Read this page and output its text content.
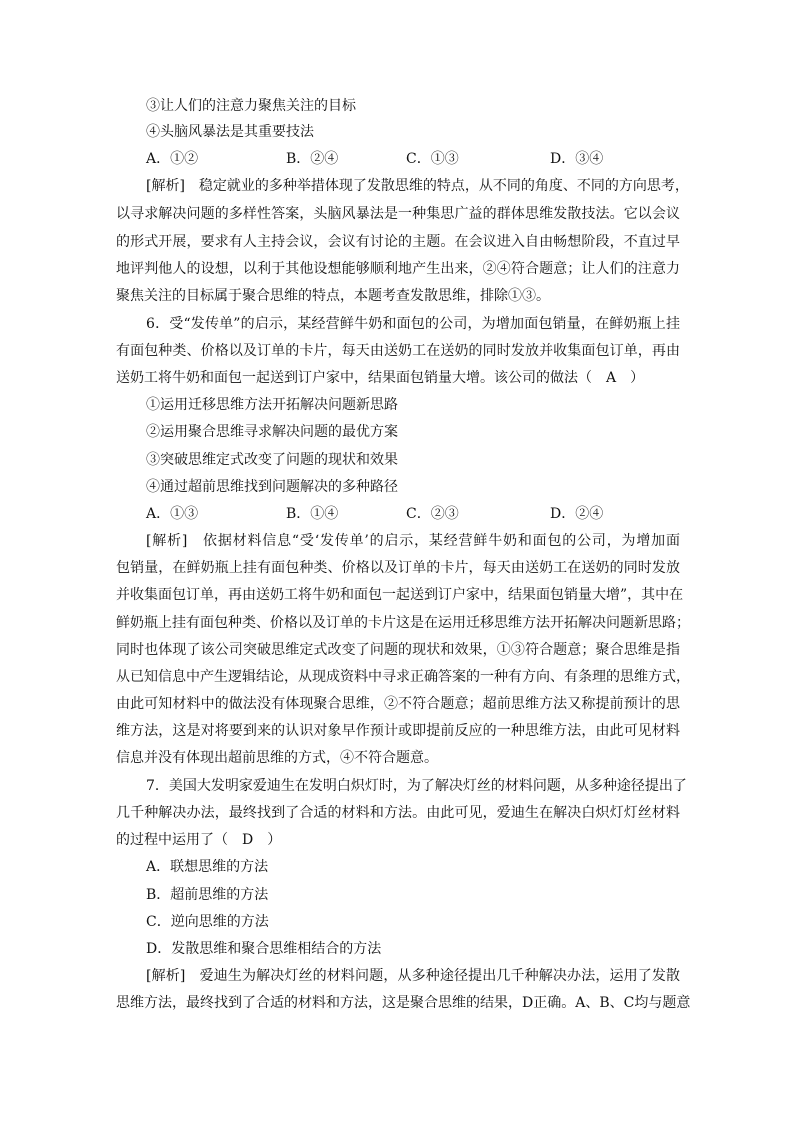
③让人们的注意力聚焦关注的目标
④头脑风暴法是其重要技法
A．①②	B．②④	C．①③	D．③④
[解析]　稳定就业的多种举措体现了发散思维的特点，从不同的角度、不同的方向思考，
以寻求解决问题的多样性答案，头脑风暴法是一种集思广益的群体思维发散技法。它以会议
的形式开展，要求有人主持会议，会议有讨论的主题。在会议进入自由畅想阶段，不直过早
地评判他人的设想，以利于其他设想能够顺利地产生出来，②④符合题意；让人们的注意力
聚焦关注的目标属于聚合思维的特点，本题考查发散思维，排除①③。
6．受“发传单”的启示，某经营鲜牛奶和面包的公司，为增加面包销量，在鲜奶瓶上挂
有面包种类、价格以及订单的卡片，每天由送奶工在送奶的同时发放并收集面包订单，再由
送奶工将牛奶和面包一起送到订户家中，结果面包销量大增。该公司的做法（　A　）
①运用迁移思维方法开拓解决问题新思路
②运用聚合思维寻求解决问题的最优方案
③突破思维定式改变了问题的现状和效果
④通过超前思维找到问题解决的多种路径
A．①③	B．①④	C．②③	D．②④
[解析]　依据材料信息“受‘发传单’的启示，某经营鲜牛奶和面包的公司，为增加面
包销量，在鲜奶瓶上挂有面包种类、价格以及订单的卡片，每天由送奶工在送奶的同时发放
并收集面包订单，再由送奶工将牛奶和面包一起送到订户家中，结果面包销量大增”，其中在
鲜奶瓶上挂有面包种类、价格以及订单的卡片这是在运用迁移思维方法开拓解决问题新思路；
同时也体现了该公司突破思维定式改变了问题的现状和效果，①③符合题意；聚合思维是指
从已知信息中产生逻辑结论，从现成资料中寻求正确答案的一种有方向、有条理的思维方式，
由此可知材料中的做法没有体现聚合思维，②不符合题意；超前思维方法又称提前预计的思
维方法，这是对将要到来的认识对象早作预计或即提前反应的一种思维方法，由此可见材料
信息并没有体现出超前思维的方式，④不符合题意。
7．美国大发明家爱迪生在发明白炽灯时，为了解决灯丝的材料问题，从多种途径提出了
几千种解决办法，最终找到了合适的材料和方法。由此可见，爱迪生在解决白炽灯灯丝材料
的过程中运用了（　D　）
A．联想思维的方法
B．超前思维的方法
C．逆向思维的方法
D．发散思维和聚合思维相结合的方法
[解析]　爱迪生为解决灯丝的材料问题，从多种途径提出几千种解决办法，运用了发散
思维方法，最终找到了合适的材料和方法，这是聚合思维的结果，D正确。A、B、C均与题意
